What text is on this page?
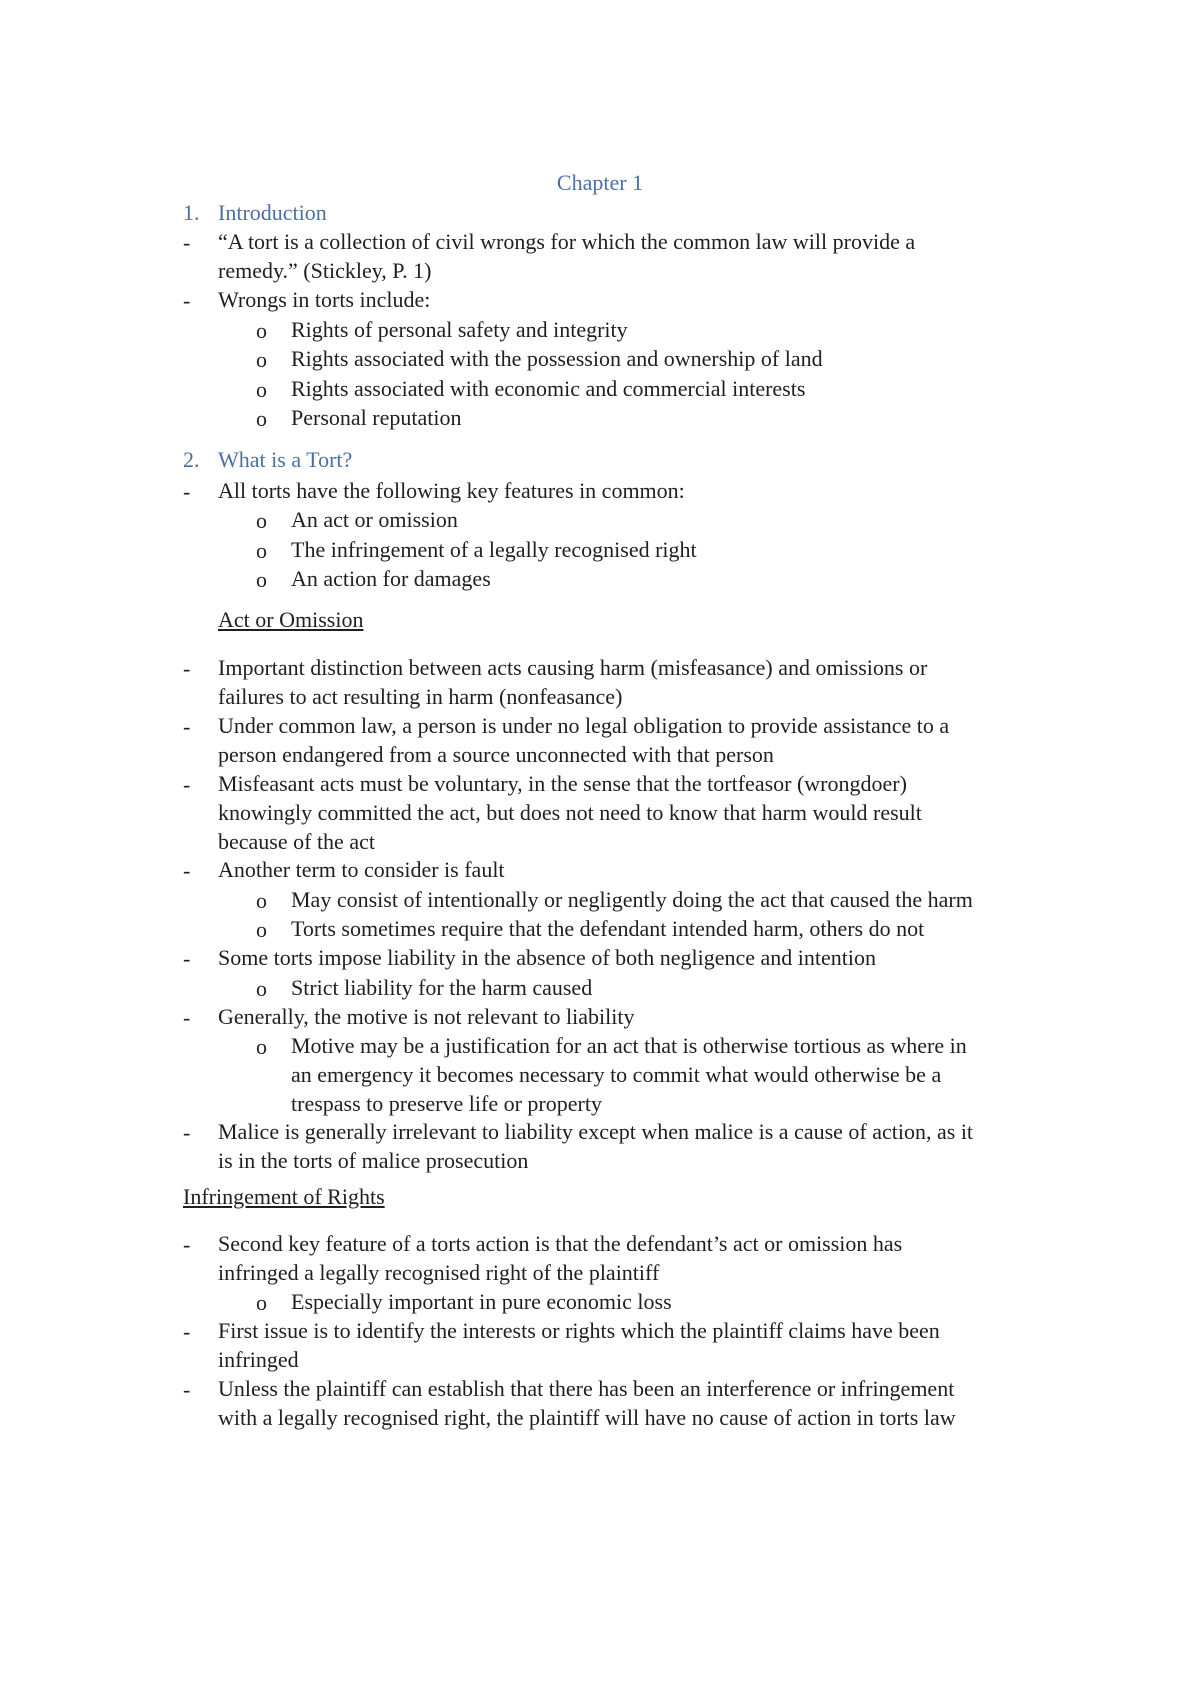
Chapter 1
1. Introduction
- “A tort is a collection of civil wrongs for which the common law will provide a
remedy.” (Stickley, P. 1)
- Wrongs in torts include:
o Rights of personal safety and integrity
o Rights associated with the possession and ownership of land
o Rights associated with economic and commercial interests
o Personal reputation
2. What is a Tort?
- All torts have the following key features in common:
o An act or omission
o The infringement of a legally recognised right
o An action for damages
Act or Omission
- Important distinction between acts causing harm (misfeasance) and omissions or
failures to act resulting in harm (nonfeasance)
- Under common law, a person is under no legal obligation to provide assistance to a
person endangered from a source unconnected with that person
- Misfeasant acts must be voluntary, in the sense that the tortfeasor (wrongdoer)
knowingly committed the act, but does not need to know that harm would result
because of the act
- Another term to consider is fault
o May consist of intentionally or negligently doing the act that caused the harm
o Torts sometimes require that the defendant intended harm, others do not
- Some torts impose liability in the absence of both negligence and intention
o Strict liability for the harm caused
- Generally, the motive is not relevant to liability
o Motive may be a justification for an act that is otherwise tortious as where in
an emergency it becomes necessary to commit what would otherwise be a
trespass to preserve life or property
- Malice is generally irrelevant to liability except when malice is a cause of action, as it
is in the torts of malice prosecution
Infringement of Rights
- Second key feature of a torts action is that the defendant’s act or omission has
infringed a legally recognised right of the plaintiff
o Especially important in pure economic loss
- First issue is to identify the interests or rights which the plaintiff claims have been
infringed
- Unless the plaintiff can establish that there has been an interference or infringement
with a legally recognised right, the plaintiff will have no cause of action in torts law
